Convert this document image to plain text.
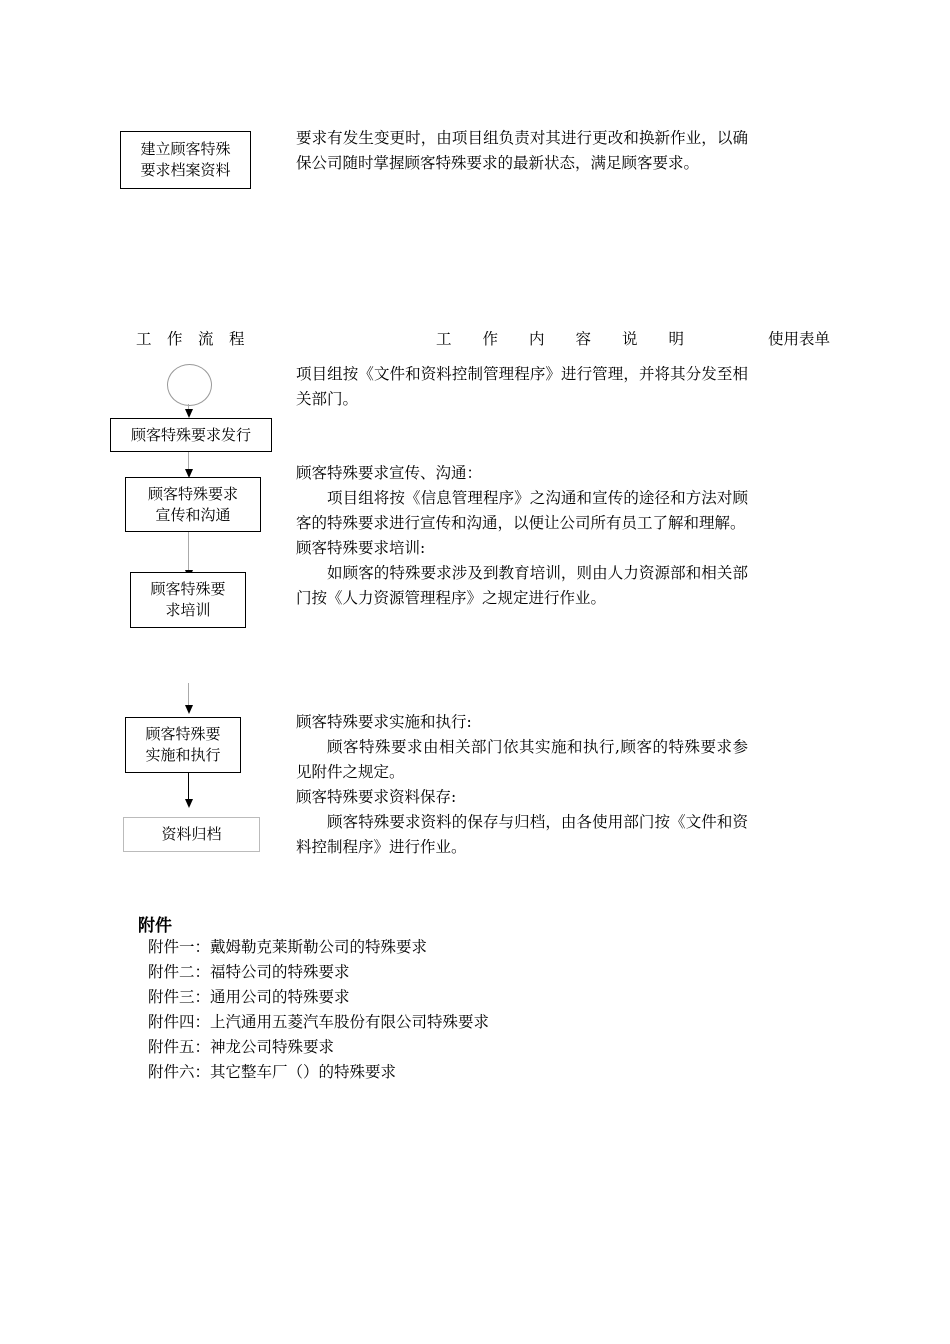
建立顾客特殊
要求档案资料
要求有发生变更时，由项目组负责对其进行更改和换新作业，以确保公司随时掌握顾客特殊要求的最新状态，满足顾客要求。
工　作　流　程	工　　作　　内　　容　　说　　明	使用表单
顾客特殊要求发行
顾客特殊要求
宣传和沟通
顾客特殊要
求培训
顾客特殊要
实施和执行
资料归档

项目组按《文件和资料控制管理程序》进行管理，并将其分发至相关部门。

顾客特殊要求宣传、沟通：

项目组将按《信息管理程序》之沟通和宣传的途径和方法对顾客的特殊要求进行宣传和沟通，以便让公司所有员工了解和理解。

顾客特殊要求培训:

如顾客的特殊要求涉及到教育培训，则由人力资源部和相关部门按《人力资源管理程序》之规定进行作业。

顾客特殊要求实施和执行:

顾客特殊要求由相关部门依其实施和执行,顾客的特殊要求参见附件之规定。

顾客特殊要求资料保存:

顾客特殊要求资料的保存与归档，由各使用部门按《文件和资料控制程序》进行作业。

附件
附件一：戴姆勒克莱斯勒公司的特殊要求
附件二：福特公司的特殊要求
附件三：通用公司的特殊要求
附件四：上汽通用五菱汽车股份有限公司特殊要求
附件五：神龙公司特殊要求
附件六：其它整车厂（）的特殊要求
